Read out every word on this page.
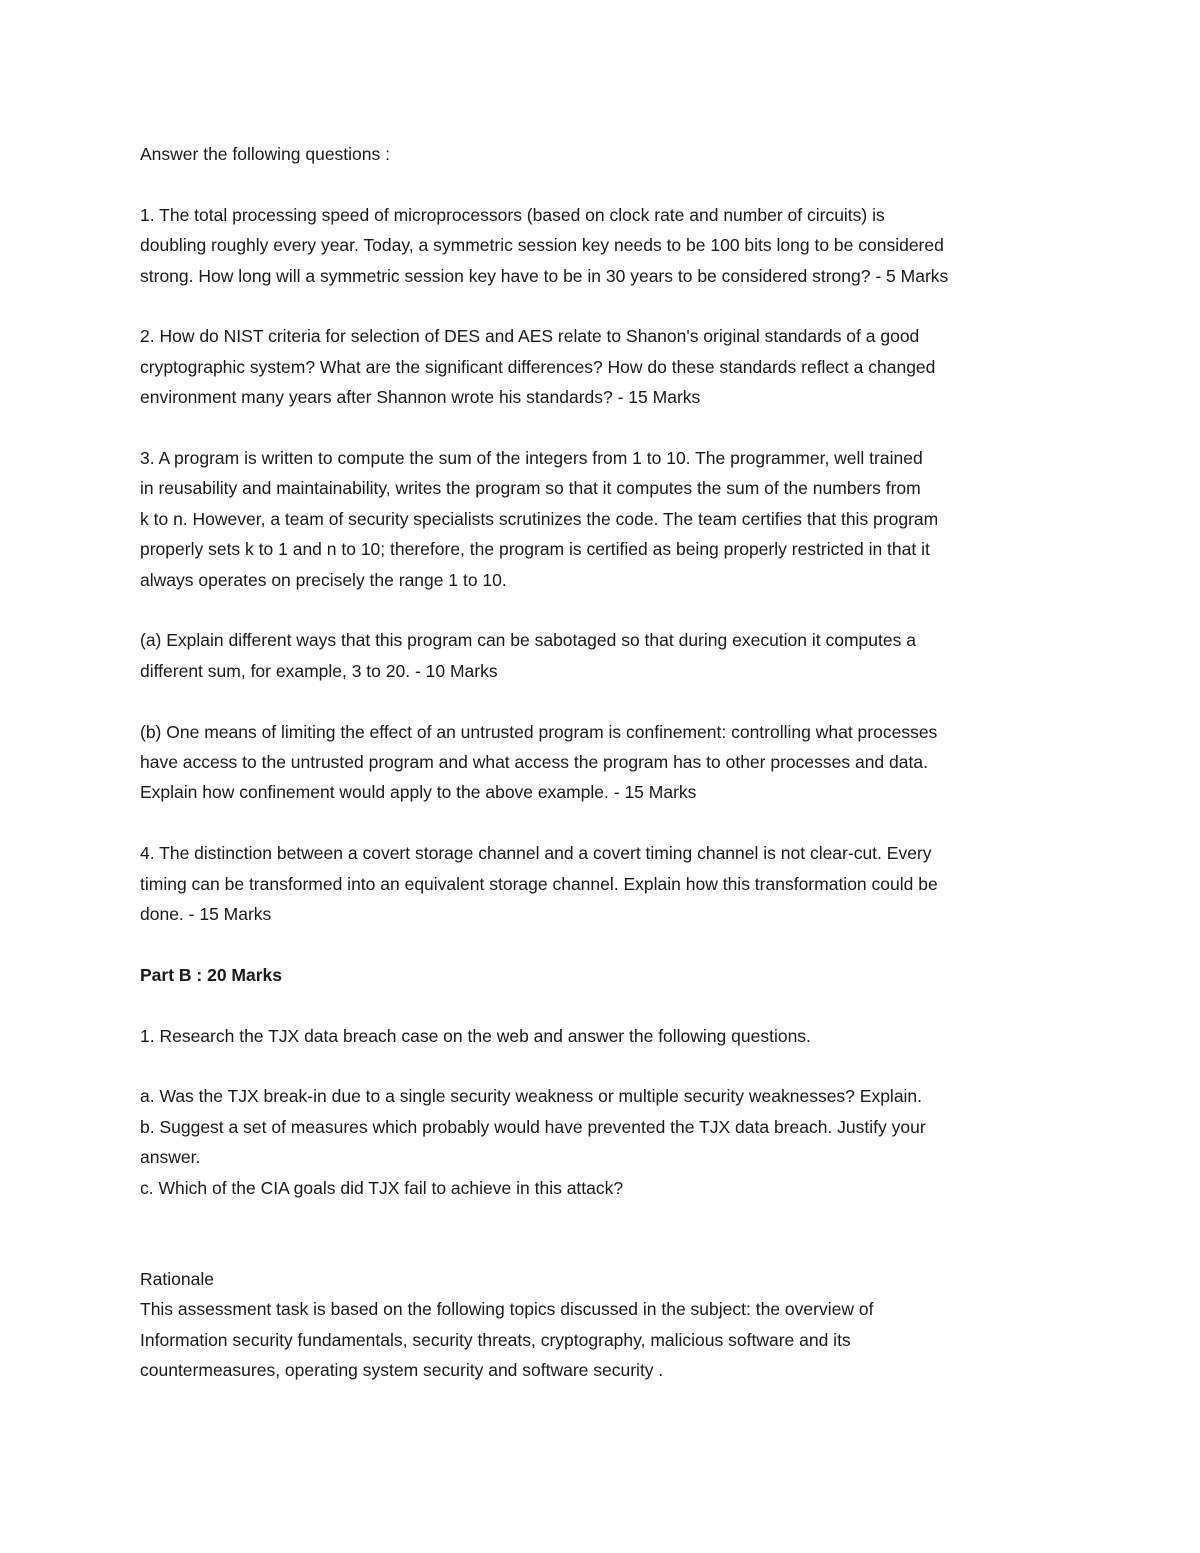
Answer the following questions :

1. The total processing speed of microprocessors (based on clock rate and number of circuits) is
doubling roughly every year. Today, a symmetric session key needs to be 100 bits long to be considered
strong. How long will a symmetric session key have to be in 30 years to be considered strong? - 5 Marks

2. How do NIST criteria for selection of DES and AES relate to Shanon's original standards of a good
cryptographic system? What are the significant differences? How do these standards reflect a changed
environment many years after Shannon wrote his standards? - 15 Marks

3. A program is written to compute the sum of the integers from 1 to 10. The programmer, well trained
in reusability and maintainability, writes the program so that it computes the sum of the numbers from
k to n. However, a team of security specialists scrutinizes the code. The team certifies that this program
properly sets k to 1 and n to 10; therefore, the program is certified as being properly restricted in that it
always operates on precisely the range 1 to 10.

(a) Explain different ways that this program can be sabotaged so that during execution it computes a
different sum, for example, 3 to 20. - 10 Marks

(b) One means of limiting the effect of an untrusted program is confinement: controlling what processes
have access to the untrusted program and what access the program has to other processes and data.
Explain how confinement would apply to the above example. - 15 Marks

4. The distinction between a covert storage channel and a covert timing channel is not clear-cut. Every
timing can be transformed into an equivalent storage channel. Explain how this transformation could be
done. - 15 Marks

Part B : 20 Marks

1. Research the TJX data breach case on the web and answer the following questions.

a. Was the TJX break-in due to a single security weakness or multiple security weaknesses? Explain.
b. Suggest a set of measures which probably would have prevented the TJX data breach. Justify your
answer.
c. Which of the CIA goals did TJX fail to achieve in this attack?

Rationale
This assessment task is based on the following topics discussed in the subject: the overview of
Information security fundamentals, security threats, cryptography, malicious software and its
countermeasures, operating system security and software security .
